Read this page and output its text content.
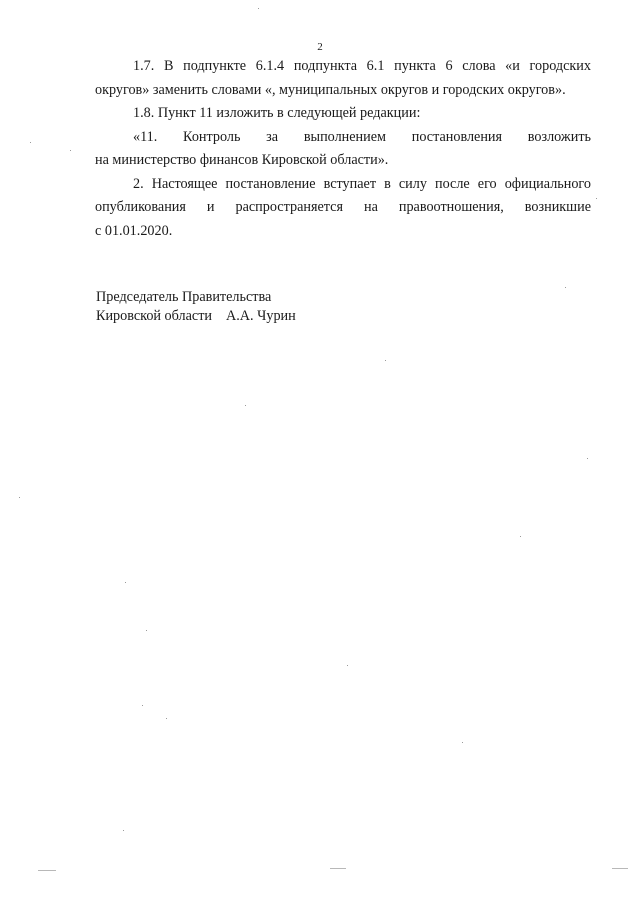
2

1.7. В подпункте 6.1.4 подпункта 6.1 пункта 6 слова «и городских
округов» заменить словами «, муниципальных округов и городских округов».

1.8. Пункт 11 изложить в следующей редакции:

«11. Контроль за выполнением постановления возложить
на министерство финансов Кировской области».

2. Настоящее постановление вступает в силу после его официального
опубликования и распространяется на правоотношения, возникшие
с 01.01.2020.

Председатель Правительства
Кировской области А.А. Чурин
